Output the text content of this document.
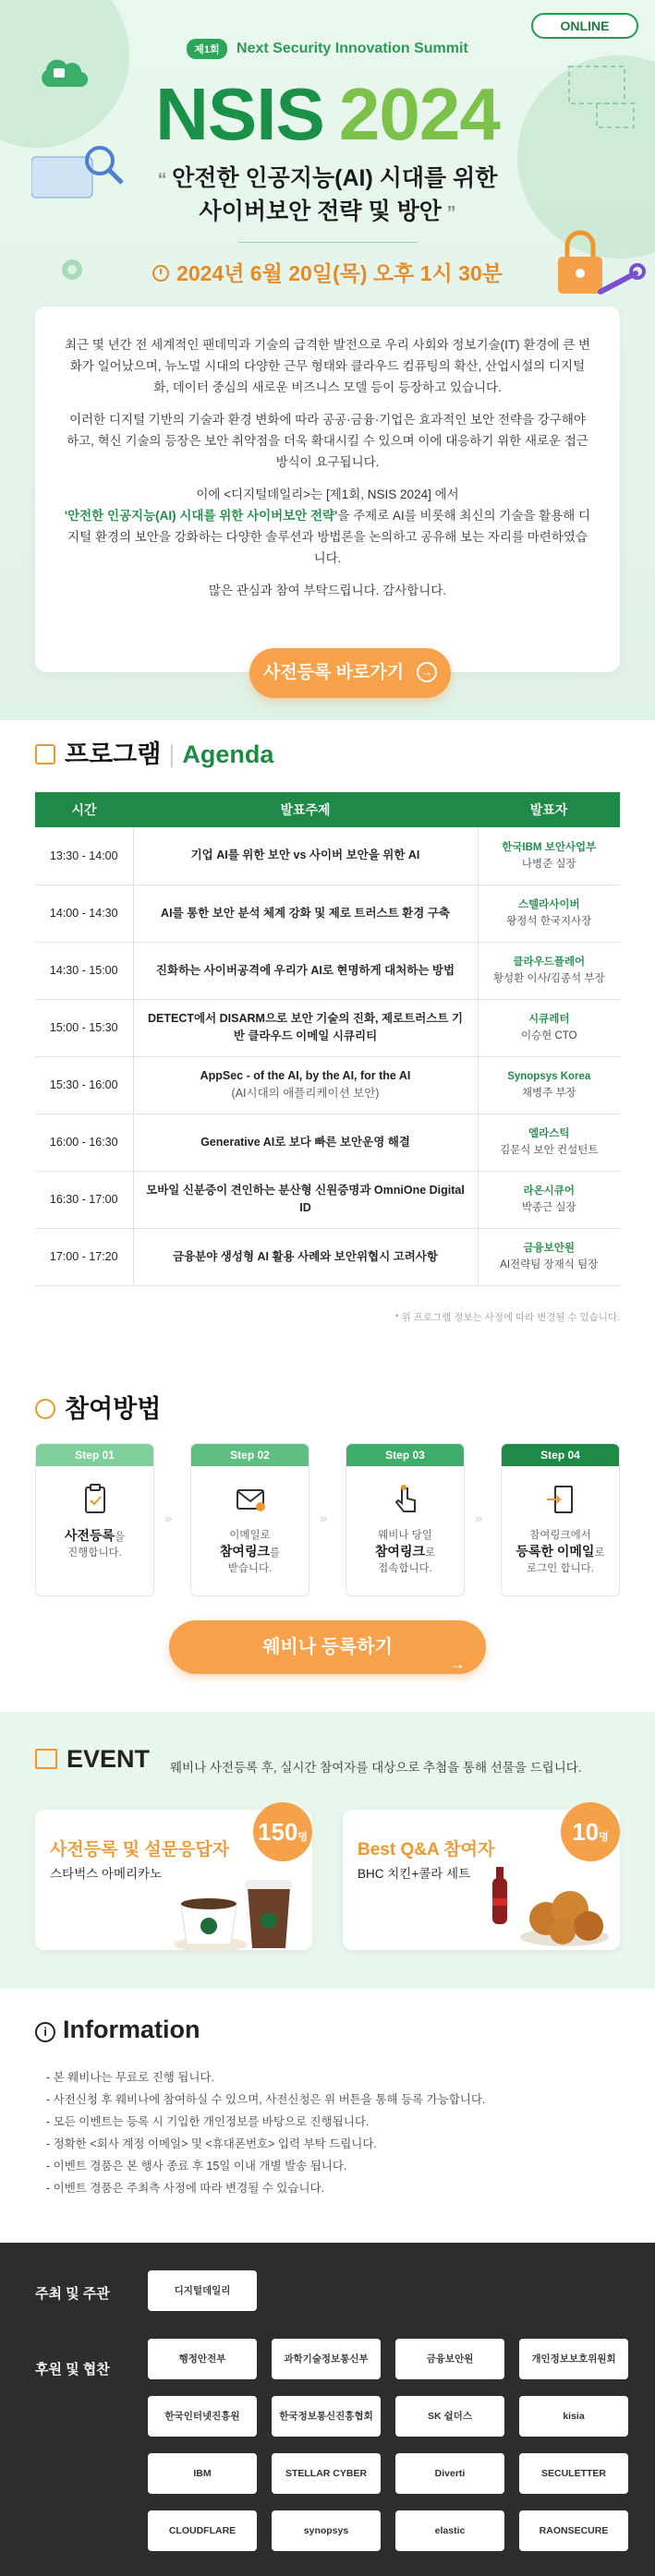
ONLINE
제1회 Next Security Innovation Summit
NSIS 2024
“ 안전한 인공지능(AI) 시대를 위한
사이버보안 전략 및 방안 ”
2024년 6월 20일(목) 오후 1시 30분

최근 몇 년간 전 세계적인 팬데믹과 기술의 급격한 발전으로 우리 사회와 정보기술(IT) 환경에 큰 변화가 일어났으며, 뉴노멀 시대의 다양한 근무 형태와 클라우드 컴퓨팅의 확산, 산업시설의 디지털화, 데이터 중심의 새로운 비즈니스 모델 등이 등장하고 있습니다.

이러한 디지털 기반의 기술과 환경 변화에 따라 공공·금융·기업은 효과적인 보안 전략을 강구해야 하고, 혁신 기술의 등장은 보안 취약점을 더욱 확대시킬 수 있으며 이에 대응하기 위한 새로운 접근 방식이 요구됩니다.

이에 <디지털데일리>는 [제1회, NSIS 2024] 에서
'안전한 인공지능(AI) 시대를 위한 사이버보안 전략'을 주제로 AI를 비롯해 최신의 기술을 활용해 디지털 환경의 보안을 강화하는 다양한 솔루션과 방법론을 논의하고 공유해 보는 자리를 마련하였습니다.

많은 관심과 참여 부탁드립니다. 감사합니다.

사전등록 바로가기 →
프로그램 | Agenda
시간	발표주제	발표자
13:30 - 14:00	기업 AI를 위한 보안 vs 사이버 보안을 위한 AI	한국IBM 보안사업부
나병준 실장

14:00 - 14:30	AI를 통한 보안 분석 체계 강화 및 제로 트러스트 환경 구축	스텔라사이버
왕정석 한국지사장

14:30 - 15:00	진화하는 사이버공격에 우리가 AI로 현명하게 대처하는 방법	클라우드플레어
황성환 이사/김종석 부장

15:00 - 15:30	DETECT에서 DISARM으로 보안 기술의 진화, 제로트러스트 기반 클라우드 이메일 시큐리티	시큐레터
이승현 CTO

15:30 - 16:00	AppSec - of the AI, by the AI, for the AI
(AI시대의 애플리케이션 보안)	Synopsys Korea
채병주 부장

16:00 - 16:30	Generative AI로 보다 빠른 보안운영 해결	엘라스틱
김문식 보안 컨설턴트

16:30 - 17:00	모바일 신분증이 견인하는 분산형 신원증명과 OmniOne Digital ID	라온시큐어
박종근 실장

17:00 - 17:20	금융분야 생성형 AI 활용 사례와 보안위협시 고려사항	금융보안원
AI전략팀 장재식 팀장
* 위 프로그램 정보는 사정에 따라 변경될 수 있습니다.
참여방법
Step 01
사전등록을
진행합니다.
»
Step 02
이메일로
참여링크를
받습니다.
»
Step 03
웨비나 당일
참여링크로
접속합니다.
»
Step 04
참여링크에서
등록한 이메일로
로그인 합니다.
웨비나 등록하기
→
EVENT 웨비나 사전등록 후, 실시간 참여자를 대상으로 추첨을 통해 선물을 드립니다.
사전등록 및 설문응답자
스타벅스 아메리카노
150명
Best Q&A 참여자
BHC 치킨+콜라 세트
10명
i Information
- 본 웨비나는 무료로 진행 됩니다.
- 사전신청 후 웨비나에 참여하실 수 있으며, 사전신청은 위 버튼을 통해 등록 가능합니다.
- 모든 이벤트는 등록 시 기입한 개인정보를 바탕으로 진행됩니다.
- 정확한 <회사 계정 이메일> 및 <휴대폰번호> 입력 부탁 드립니다.
- 이벤트 경품은 본 행사 종료 후 15일 이내 개별 발송 됩니다.
- 이벤트 경품은 주최측 사정에 따라 변경될 수 있습니다.
주최 및 주관	디지털데일리
후원 및 협찬
행정안전부	과학기술정보통신부	금융보안원	개인정보보호위원회
한국인터넷진흥원	한국정보통신진흥협회	SK 쉴더스	kisia
IBM	STELLAR CYBER	Diverti	SECULETTER
CLOUDFLARE	synopsys	elastic	RAONSECURE
